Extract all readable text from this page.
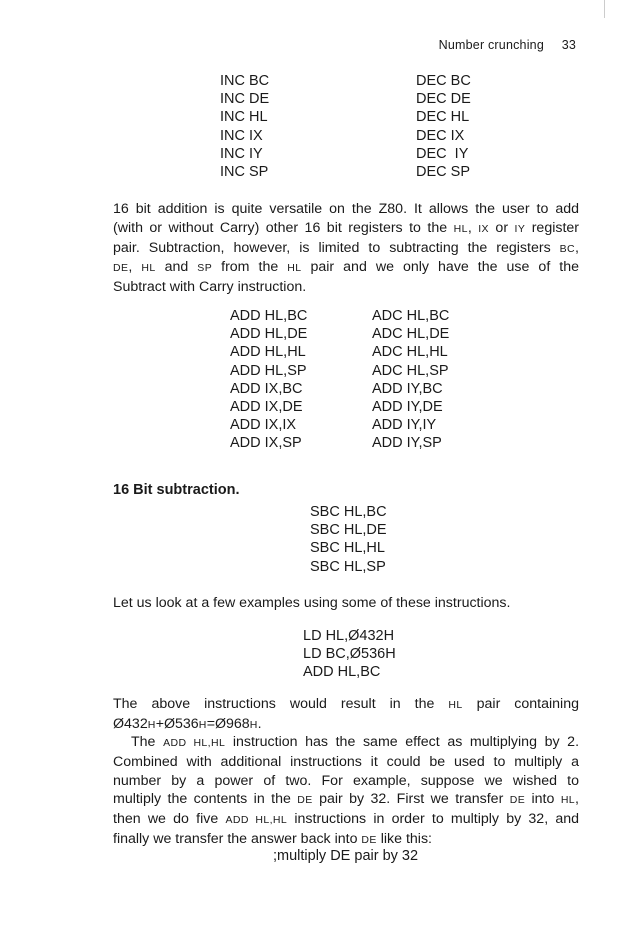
Number crunching 33
INC BC
INC DE
INC HL
INC IX
INC IY
INC SP
DEC BC
DEC DE
DEC HL
DEC IX
DEC  IY
DEC SP
16 bit addition is quite versatile on the Z80. It allows the user to add
(with or without Carry) other 16 bit registers to the HL, IX or IY register
pair. Subtraction, however, is limited to subtracting the registers BC,
DE, HL and SP from the HL pair and we only have the use of the
Subtract with Carry instruction.
ADD HL,BC
ADD HL,DE
ADD HL,HL
ADD HL,SP
ADD IX,BC
ADD IX,DE
ADD IX,IX
ADD IX,SP
ADC HL,BC
ADC HL,DE
ADC HL,HL
ADC HL,SP
ADD IY,BC
ADD IY,DE
ADD IY,IY
ADD IY,SP
16 Bit subtraction.
SBC HL,BC
SBC HL,DE
SBC HL,HL
SBC HL,SP
Let us look at a few examples using some of these instructions.
LD HL,Ø432H
LD BC,Ø536H
ADD HL,BC
The above instructions would result in the HL pair containing
Ø432H+Ø536H=Ø968H.
The ADD HL,HL instruction has the same effect as multiplying by 2.
Combined with additional instructions it could be used to multiply a
number by a power of two. For example, suppose we wished to
multiply the contents in the DE pair by 32. First we transfer DE into HL,
then we do five ADD HL,HL instructions in order to multiply by 32, and
finally we transfer the answer back into DE like this:
;multiply DE pair by 32
